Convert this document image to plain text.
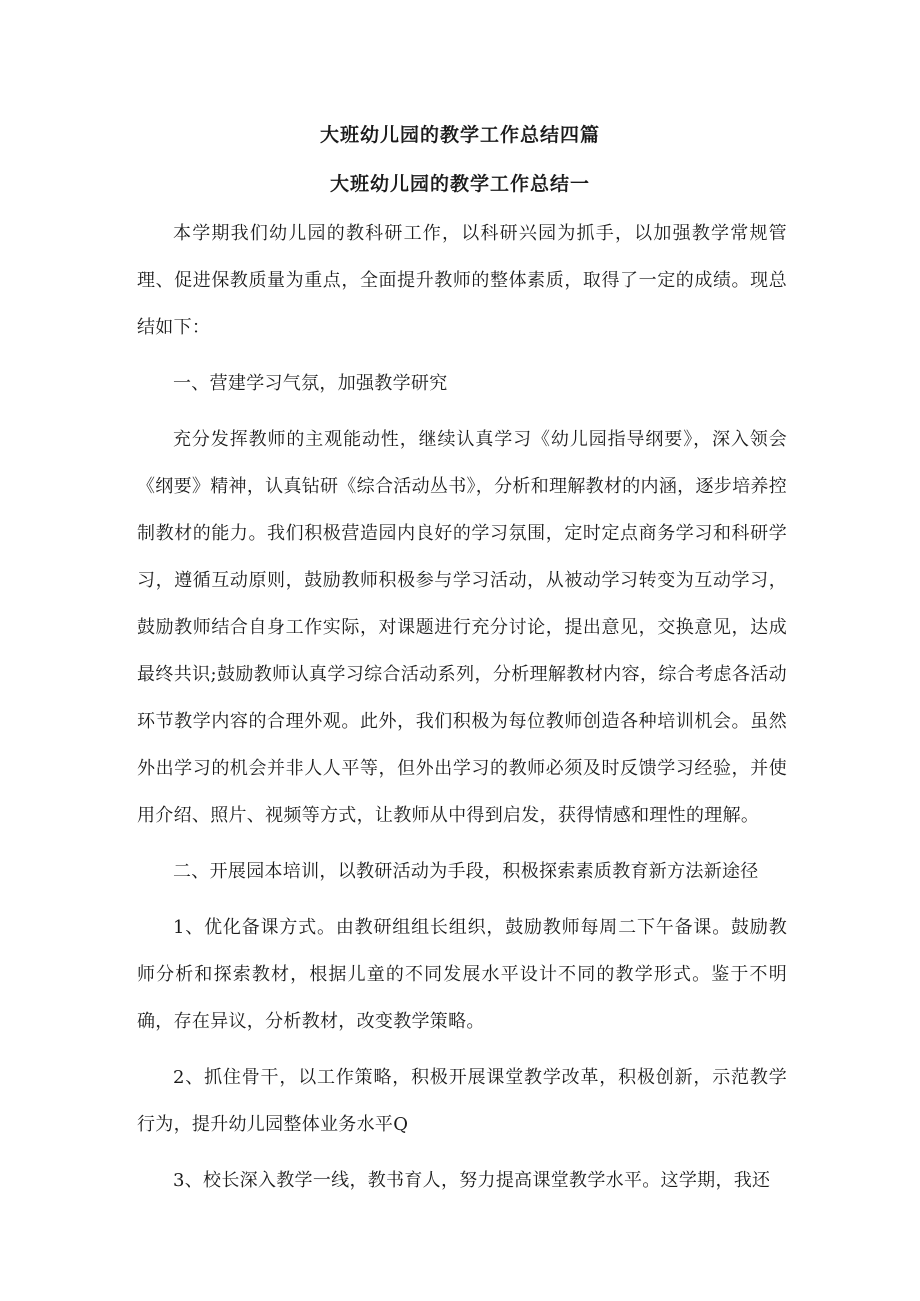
大班幼儿园的教学工作总结四篇
大班幼儿园的教学工作总结一

本学期我们幼儿园的教科研工作，以科研兴园为抓手，以加强教学常规管理、促进保教质量为重点，全面提升教师的整体素质，取得了一定的成绩。现总结如下：

一、营建学习气氛，加强教学研究

充分发挥教师的主观能动性，继续认真学习《幼儿园指导纲要》，深入领会《纲要》精神，认真钻研《综合活动丛书》，分析和理解教材的内涵，逐步培养控制教材的能力。我们积极营造园内良好的学习氛围，定时定点商务学习和科研学习，遵循互动原则，鼓励教师积极参与学习活动，从被动学习转变为互动学习，鼓励教师结合自身工作实际，对课题进行充分讨论，提出意见，交换意见，达成最终共识;鼓励教师认真学习综合活动系列，分析理解教材内容，综合考虑各活动环节教学内容的合理外观。此外，我们积极为每位教师创造各种培训机会。虽然外出学习的机会并非人人平等，但外出学习的教师必须及时反馈学习经验，并使用介绍、照片、视频等方式，让教师从中得到启发，获得情感和理性的理解。

二、开展园本培训，以教研活动为手段，积极探索素质教育新方法新途径

1、优化备课方式。由教研组组长组织，鼓励教师每周二下午备课。鼓励教师分析和探索教材，根据儿童的不同发展水平设计不同的教学形式。鉴于不明确，存在异议，分析教材，改变教学策略。

2、抓住骨干，以工作策略，积极开展课堂教学改革，积极创新，示范教学行为，提升幼儿园整体业务水平Q

3、校长深入教学一线，教书育人，努力提高课堂教学水平。这学期，我还
